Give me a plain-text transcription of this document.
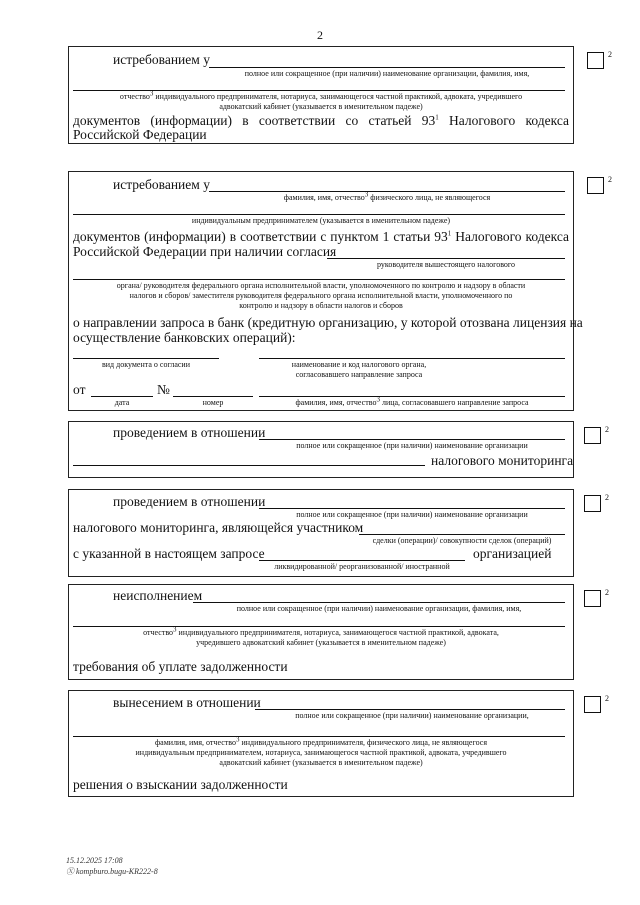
2
истребованием у
полное или сокращенное (при наличии) наименование организации, фамилия, имя,
отчество$^3$ индивидуального предпринимателя, нотариуса, занимающегося частной практикой, адвоката, учредившего
адвокатский кабинет (указывается в именительном падеже)
документов (информации) в соответствии со статьей $93^1$ Налогового кодекса
Российской Федерации
2
истребованием у
фамилия, имя, отчество$^3$ физического лица, не являющегося
индивидуальным предпринимателем (указывается в именительном падеже)
документов (информации) в соответствии с пунктом 1 статьи $93^1$ Налогового кодекса
Российской Федерации при наличии согласия
руководителя вышестоящего налогового
органа/ руководителя федерального органа исполнительной власти, уполномоченного по контролю и надзору в области
налогов и сборов/ заместителя руководителя федерального органа исполнительной власти, уполномоченного по
контролю и надзору в области налогов и сборов
о направлении запроса в банк (кредитную организацию, у которой отозвана лицензия на
осуществление банковских операций):
вид документа о согласии	наименование и код налогового органа,
согласовавшего направление запроса
от	№
дата	номер	фамилия, имя, отчество$^3$ лица, согласовавшего направление запроса
2
проведением в отношении
полное или сокращенное (при наличии) наименование организации
налогового мониторинга
2
проведением в отношении
полное или сокращенное (при наличии) наименование организации
налогового мониторинга, являющейся участником
сделки (операции)/ совокупности сделок (операций)
с указанной в настоящем запросе	организацией
ликвидированной/ реорганизованной/ иностранной
2
неисполнением
полное или сокращенное (при наличии) наименование организации, фамилия, имя,
отчество$^3$ индивидуального предпринимателя, нотариуса, занимающегося частной практикой, адвоката,
учредившего адвокатский кабинет (указывается в именительном падеже)
требования об уплате задолженности
2
вынесением в отношении
полное или сокращенное (при наличии) наименование организации,
фамилия, имя, отчество$^3$ индивидуального предпринимателя, физического лица, не являющегося
индивидуальным предпринимателем, нотариуса, занимающегося частной практикой, адвоката, учредившего
адвокатский кабинет (указывается в именительном падеже)
решения о взыскании задолженности
2
15.12.2025 17:08
Ⓧ kompburo.bugu-KR222-8
